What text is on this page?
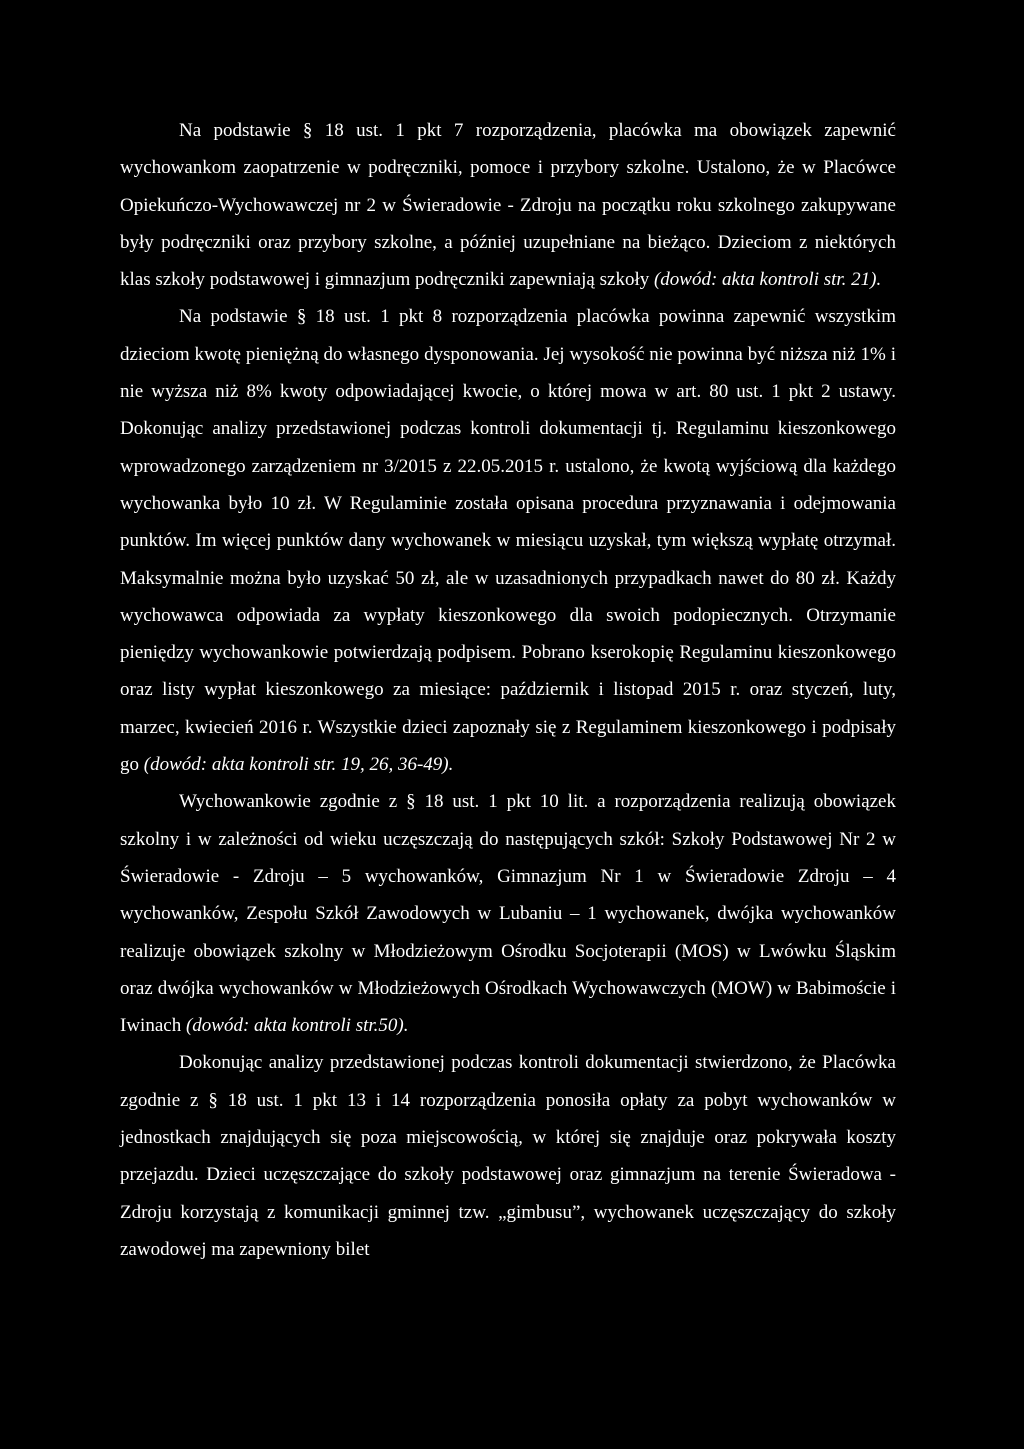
Na podstawie § 18 ust. 1 pkt 7 rozporządzenia, placówka ma obowiązek zapewnić wychowankom zaopatrzenie w podręczniki, pomoce i przybory szkolne. Ustalono, że w Placówce Opiekuńczo-Wychowawczej nr 2 w Świeradowie - Zdroju na początku roku szkolnego zakupywane były podręczniki oraz przybory szkolne, a później uzupełniane na bieżąco. Dzieciom z niektórych klas szkoły podstawowej i gimnazjum podręczniki zapewniają szkoły (dowód: akta kontroli str. 21).

Na podstawie § 18 ust. 1 pkt 8 rozporządzenia placówka powinna zapewnić wszystkim dzieciom kwotę pieniężną do własnego dysponowania. Jej wysokość nie powinna być niższa niż 1% i nie wyższa niż 8% kwoty odpowiadającej kwocie, o której mowa w art. 80 ust. 1 pkt 2 ustawy. Dokonując analizy przedstawionej podczas kontroli dokumentacji tj. Regulaminu kieszonkowego wprowadzonego zarządzeniem nr 3/2015 z 22.05.2015 r. ustalono, że kwotą wyjściową dla każdego wychowanka było 10 zł. W Regulaminie została opisana procedura przyznawania i odejmowania punktów. Im więcej punktów dany wychowanek w miesiącu uzyskał, tym większą wypłatę otrzymał. Maksymalnie można było uzyskać 50 zł, ale w uzasadnionych przypadkach nawet do 80 zł. Każdy wychowawca odpowiada za wypłaty kieszonkowego dla swoich podopiecznych. Otrzymanie pieniędzy wychowankowie potwierdzają podpisem. Pobrano kserokopię Regulaminu kieszonkowego oraz listy wypłat kieszonkowego za miesiące: październik i listopad 2015 r. oraz styczeń, luty, marzec, kwiecień 2016 r. Wszystkie dzieci zapoznały się z Regulaminem kieszonkowego i podpisały go (dowód: akta kontroli str. 19, 26, 36-49).

Wychowankowie zgodnie z § 18 ust. 1 pkt 10 lit. a rozporządzenia realizują obowiązek szkolny i w zależności od wieku uczęszczają do następujących szkół: Szkoły Podstawowej Nr 2 w Świeradowie - Zdroju – 5 wychowanków, Gimnazjum Nr 1 w Świeradowie Zdroju – 4 wychowanków, Zespołu Szkół Zawodowych w Lubaniu – 1 wychowanek, dwójka wychowanków realizuje obowiązek szkolny w Młodzieżowym Ośrodku Socjoterapii (MOS) w Lwówku Śląskim oraz dwójka wychowanków w Młodzieżowych Ośrodkach Wychowawczych (MOW) w Babimoście i Iwinach (dowód: akta kontroli str.50).

Dokonując analizy przedstawionej podczas kontroli dokumentacji stwierdzono, że Placówka zgodnie z § 18 ust. 1 pkt 13 i 14 rozporządzenia ponosiła opłaty za pobyt wychowanków w jednostkach znajdujących się poza miejscowością, w której się znajduje oraz pokrywała koszty przejazdu. Dzieci uczęszczające do szkoły podstawowej oraz gimnazjum na terenie Świeradowa - Zdroju korzystają z komunikacji gminnej tzw. „gimbusu”, wychowanek uczęszczający do szkoły zawodowej ma zapewniony bilet
